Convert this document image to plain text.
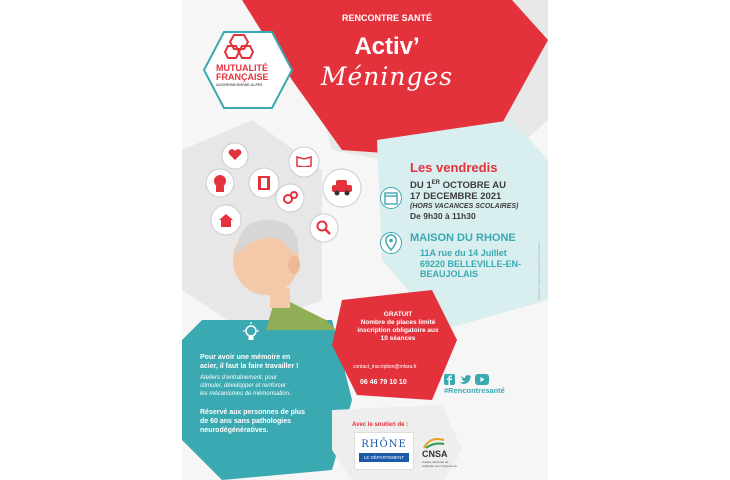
MUTUALITÉ
FRANÇAISE
AUVERGNE-RHÔNE-ALPES
RENCONTRE SANTÉ
Activ’
Méninges
Les vendredis
DU 1ER OCTOBRE AU
17 DECEMBRE 2021
(HORS VACANCES SCOLAIRES)
De 9h30 à 11h30
MAISON DU RHONE
11A rue du 14 Juillet
69220 BELLEVILLE-EN-
BEAUJOLAIS
Pour avoir une mémoire en
acier, il faut la faire travailler !
Ateliers d’entraînement, pour
stimuler, développer et renforcer
les mécanismes de mémorisation.
Réservé aux personnes de plus
de 60 ans sans pathologies
neurodégénératives.
GRATUIT
Nombre de places limité
inscription obligatoire aux
10 séances
contact_inscription@mfara.fr
06 46 79 10 10
#Rencontresanté
Avec le soutien de :
RHÔNE
LE DÉPARTEMENT	CNSA
Caisse nationale de
solidarité pour l'autonomie
Mutualité Française Auvergne-Rhône-Alpes
